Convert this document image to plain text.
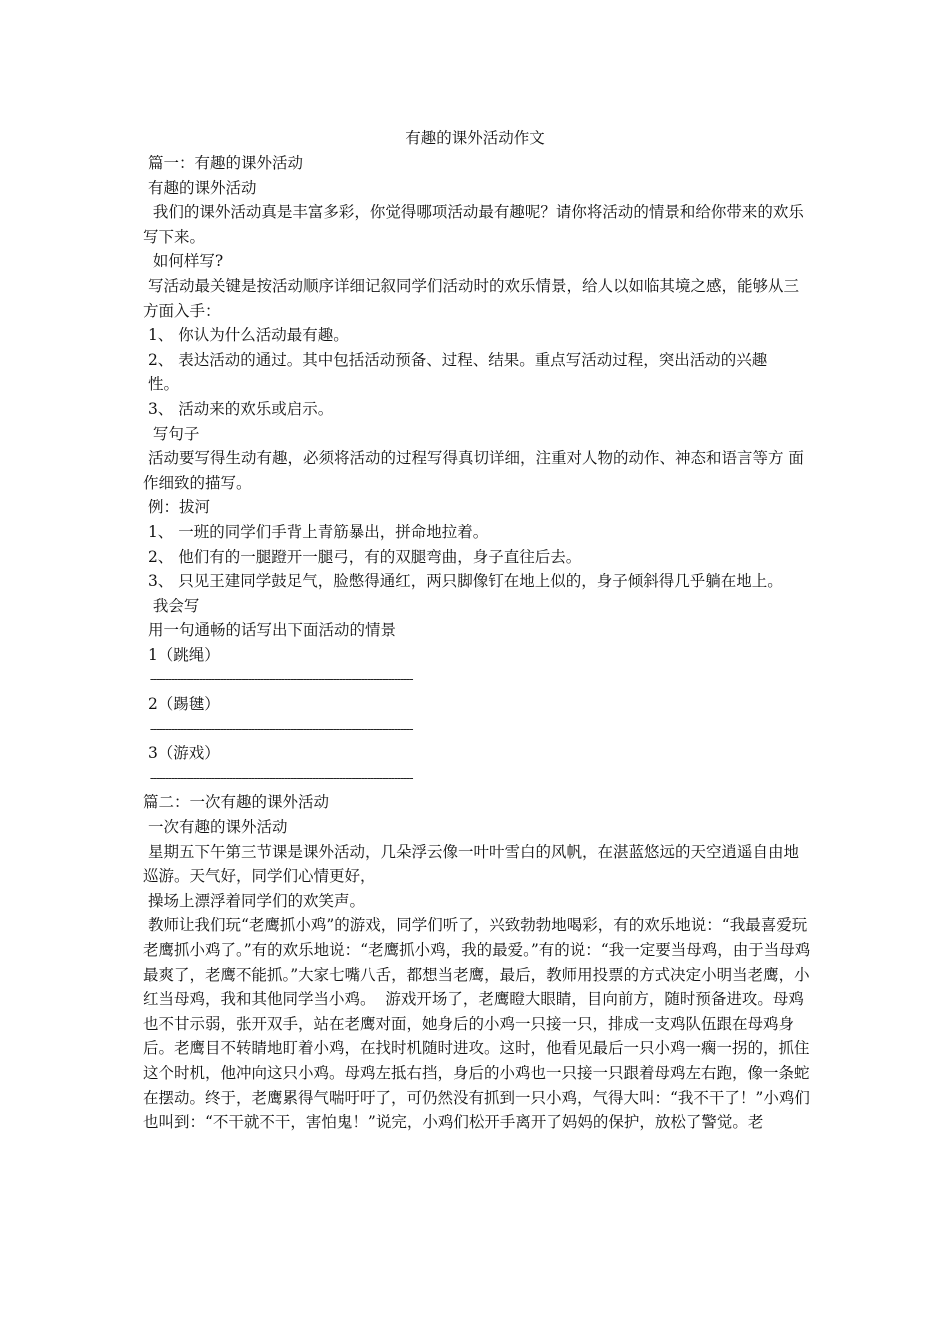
有趣的课外活动作文

篇一：有趣的课外活动

有趣的课外活动

我们的课外活动真是丰富多彩，你觉得哪项活动最有趣呢？请你将活动的情景和给你带来的欢乐写下来。

如何样写?

写活动最关键是按活动顺序详细记叙同学们活动时的欢乐情景，给人以如临其境之感，能够从三方面入手：

1、 你认为什么活动最有趣。

2、 表达活动的通过。其中包括活动预备、过程、结果。重点写活动过程，突出活动的兴趣

性。

3、 活动来的欢乐或启示。

写句子

活动要写得生动有趣，必须将活动的过程写得真切详细，注重对人物的动作、神态和语言等方 面作细致的描写。

例：拔河

1、 一班的同学们手背上青筋暴出，拼命地拉着。

2、 他们有的一腿蹬开一腿弓，有的双腿弯曲，身子直往后去。

3、 只见王建同学鼓足气，脸憋得通红，两只脚像钉在地上似的，身子倾斜得几乎躺在地上。

我会写

用一句通畅的话写出下面活动的情景

1（跳绳）

--------------------------------------------------------------------------------------

2（踢毽）

--------------------------------------------------------------------------------------

3（游戏）

--------------------------------------------------------------------------------------

篇二：一次有趣的课外活动

一次有趣的课外活动

星期五下午第三节课是课外活动，几朵浮云像一叶叶雪白的风帆，在湛蓝悠远的天空逍遥自由地巡游。天气好，同学们心情更好，

操场上漂浮着同学们的欢笑声。

教师让我们玩“老鹰抓小鸡”的游戏，同学们听了，兴致勃勃地喝彩，有的欢乐地说：“我最喜爱玩老鹰抓小鸡了。”有的欢乐地说：“老鹰抓小鸡，我的最爱。”有的说：“我一定要当母鸡，由于当母鸡最爽了，老鹰不能抓。”大家七嘴八舌，都想当老鹰，最后，教师用投票的方式决定小明当老鹰，小红当母鸡，我和其他同学当小鸡。  游戏开场了，老鹰瞪大眼睛，目向前方，随时预备进攻。母鸡也不甘示弱，张开双手，站在老鹰对面，她身后的小鸡一只接一只，排成一支鸡队伍跟在母鸡身后。老鹰目不转睛地盯着小鸡，在找时机随时进攻。这时，他看见最后一只小鸡一瘸一拐的，抓住这个时机，他冲向这只小鸡。母鸡左抵右挡，身后的小鸡也一只接一只跟着母鸡左右跑，像一条蛇在摆动。终于，老鹰累得气喘吁吁了，可仍然没有抓到一只小鸡，气得大叫：“我不干了！”小鸡们也叫到：“不干就不干，害怕鬼！”说完，小鸡们松开手离开了妈妈的保护，放松了警觉。老
